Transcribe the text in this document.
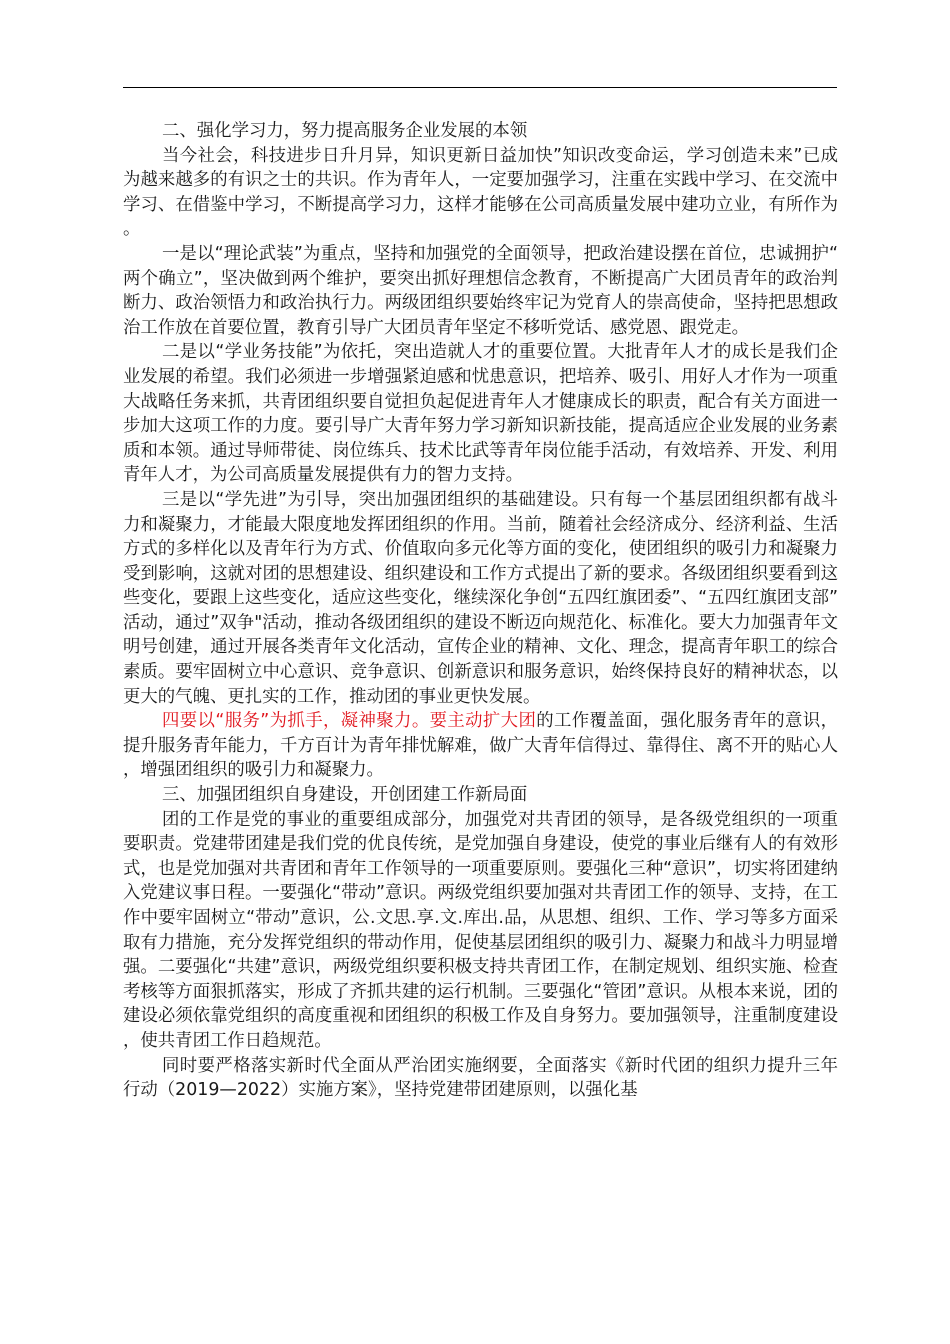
二、强化学习力，努力提高服务企业发展的本领

当今社会，科技进步日升月异，知识更新日益加快”知识改变命运，学习创造未来”已成为越来越多的有识之士的共识。作为青年人，一定要加强学习，注重在实践中学习、在交流中学习、在借鉴中学习，不断提高学习力，这样才能够在公司高质量发展中建功立业，有所作为。

一是以“理论武装”为重点，坚持和加强党的全面领导，把政治建设摆在首位，忠诚拥护“两个确立”，坚决做到两个维护，要突出抓好理想信念教育，不断提高广大团员青年的政治判断力、政治领悟力和政治执行力。两级团组织要始终牢记为党育人的崇高使命，坚持把思想政治工作放在首要位置，教育引导广大团员青年坚定不移听党话、感党恩、跟党走。

二是以“学业务技能”为依托，突出造就人才的重要位置。大批青年人才的成长是我们企业发展的希望。我们必须进一步增强紧迫感和忧患意识，把培养、吸引、用好人才作为一项重大战略任务来抓，共青团组织要自觉担负起促进青年人才健康成长的职责，配合有关方面进一步加大这项工作的力度。要引导广大青年努力学习新知识新技能，提高适应企业发展的业务素质和本领。通过导师带徒、岗位练兵、技术比武等青年岗位能手活动，有效培养、开发、利用青年人才，为公司高质量发展提供有力的智力支持。

三是以“学先进”为引导，突出加强团组织的基础建设。只有每一个基层团组织都有战斗力和凝聚力，才能最大限度地发挥团组织的作用。当前，随着社会经济成分、经济利益、生活方式的多样化以及青年行为方式、价值取向多元化等方面的变化，使团组织的吸引力和凝聚力受到影响，这就对团的思想建设、组织建设和工作方式提出了新的要求。各级团组织要看到这些变化，要跟上这些变化，适应这些变化，继续深化争创“五四红旗团委”、“五四红旗团支部”活动，通过”双争"活动，推动各级团组织的建设不断迈向规范化、标准化。要大力加强青年文明号创建，通过开展各类青年文化活动，宣传企业的精神、文化、理念，提高青年职工的综合素质。要牢固树立中心意识、竞争意识、创新意识和服务意识，始终保持良好的精神状态，以更大的气魄、更扎实的工作，推动团的事业更快发展。

四要以“服务”为抓手，凝神聚力。要主动扩大团的工作覆盖面，强化服务青年的意识，提升服务青年能力，千方百计为青年排忧解难，做广大青年信得过、靠得住、离不开的贴心人，增强团组织的吸引力和凝聚力。

三、加强团组织自身建设，开创团建工作新局面

团的工作是党的事业的重要组成部分，加强党对共青团的领导，是各级党组织的一项重要职责。党建带团建是我们党的优良传统，是党加强自身建设，使党的事业后继有人的有效形式，也是党加强对共青团和青年工作领导的一项重要原则。要强化三种“意识”，切实将团建纳入党建议事日程。一要强化“带动”意识。两级党组织要加强对共青团工作的领导、支持，在工作中要牢固树立“带动”意识，公.文思.享.文.库出.品，从思想、组织、工作、学习等多方面采取有力措施，充分发挥党组织的带动作用，促使基层团组织的吸引力、凝聚力和战斗力明显增强。二要强化“共建”意识，两级党组织要积极支持共青团工作，在制定规划、组织实施、检查考核等方面狠抓落实，形成了齐抓共建的运行机制。三要强化“管团”意识。从根本来说，团的建设必须依靠党组织的高度重视和团组织的积极工作及自身努力。要加强领导，注重制度建设，使共青团工作日趋规范。

同时要严格落实新时代全面从严治团实施纲要，全面落实《新时代团的组织力提升三年行动（2019—2022）实施方案》，坚持党建带团建原则，以强化基
